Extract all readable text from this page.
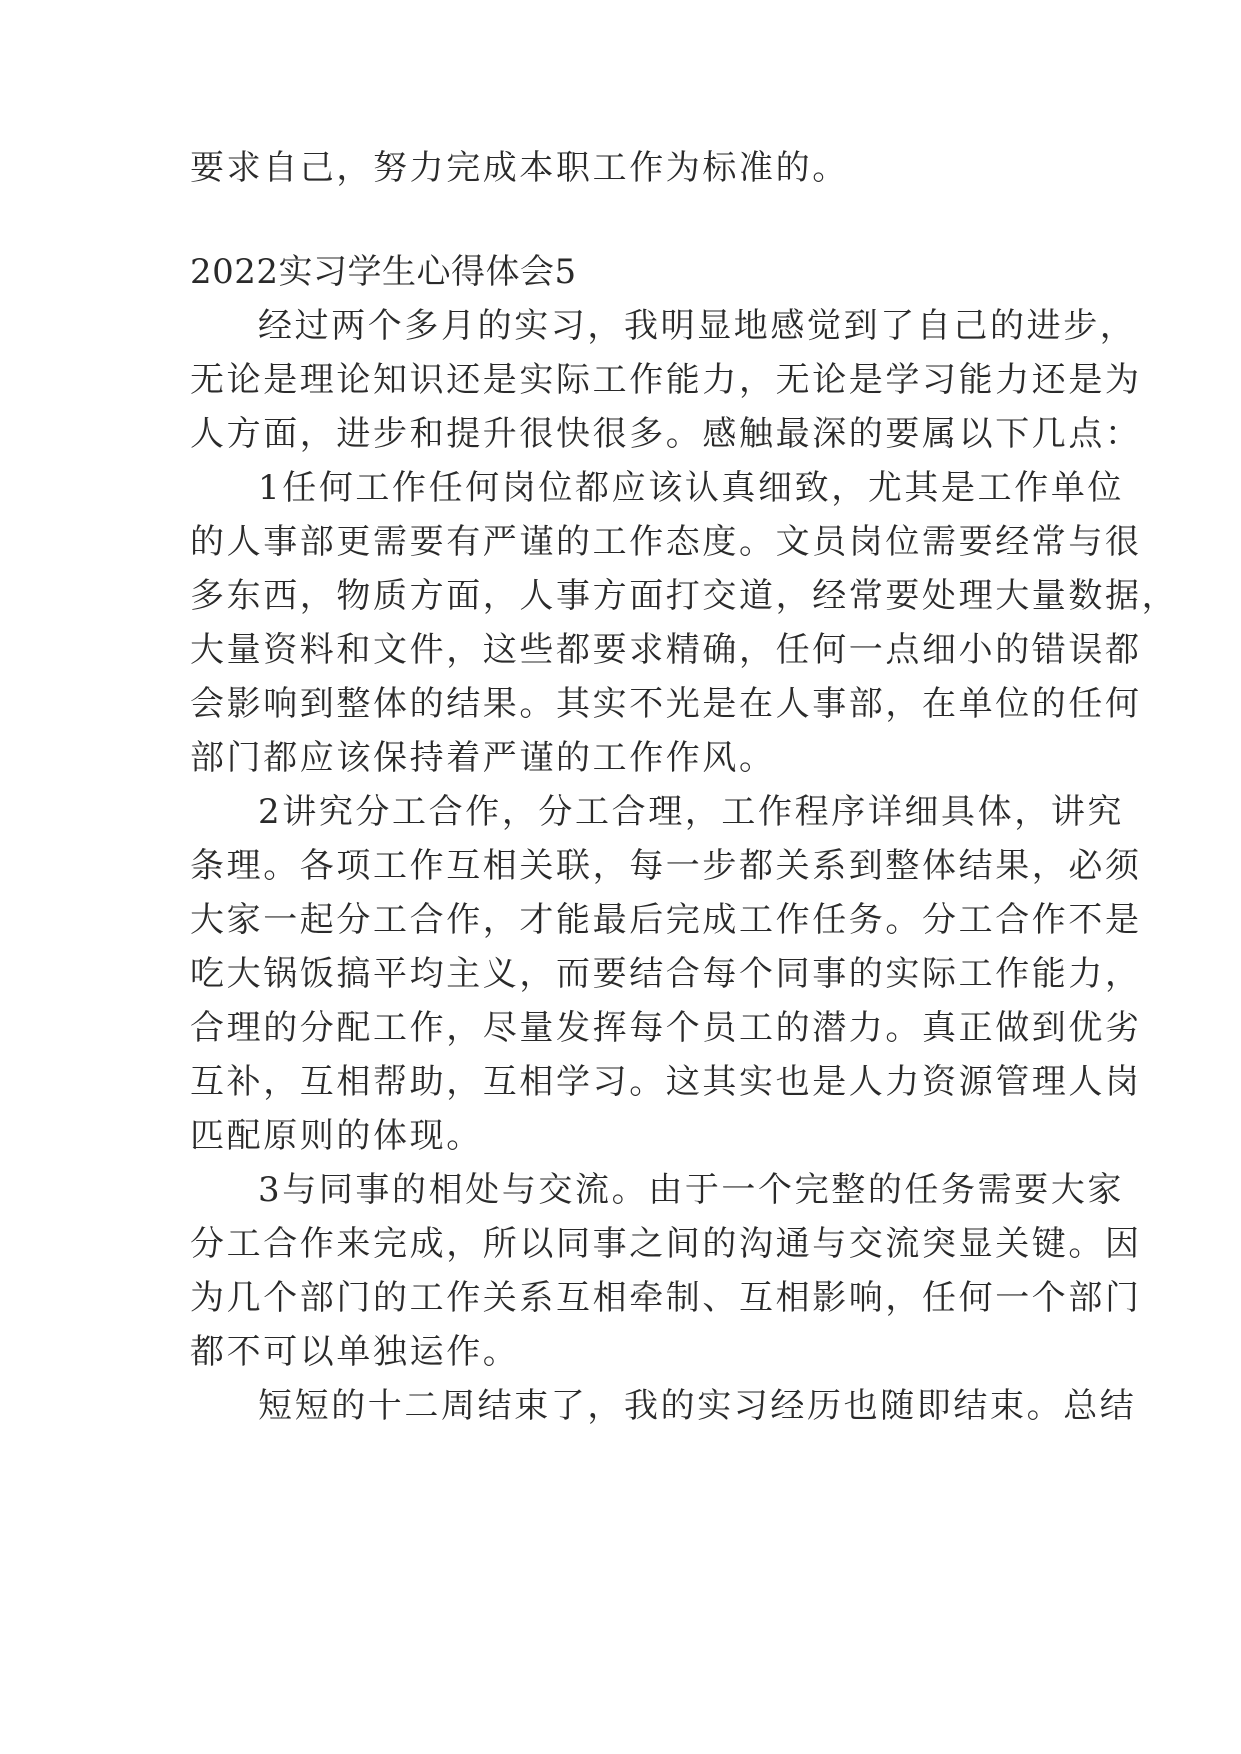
要求自己，努力完成本职工作为标准的。
2022实习学生心得体会5
经过两个多月的实习，我明显地感觉到了自己的进步，
无论是理论知识还是实际工作能力，无论是学习能力还是为
人方面，进步和提升很快很多。感触最深的要属以下几点：
1任何工作任何岗位都应该认真细致，尤其是工作单位
的人事部更需要有严谨的工作态度。文员岗位需要经常与很
多东西，物质方面，人事方面打交道，经常要处理大量数据，
大量资料和文件，这些都要求精确，任何一点细小的错误都
会影响到整体的结果。其实不光是在人事部，在单位的任何
部门都应该保持着严谨的工作作风。
2讲究分工合作，分工合理，工作程序详细具体，讲究
条理。各项工作互相关联，每一步都关系到整体结果，必须
大家一起分工合作，才能最后完成工作任务。分工合作不是
吃大锅饭搞平均主义，而要结合每个同事的实际工作能力，
合理的分配工作，尽量发挥每个员工的潜力。真正做到优劣
互补，互相帮助，互相学习。这其实也是人力资源管理人岗
匹配原则的体现。
3与同事的相处与交流。由于一个完整的任务需要大家
分工合作来完成，所以同事之间的沟通与交流突显关键。因
为几个部门的工作关系互相牵制、互相影响，任何一个部门
都不可以单独运作。
短短的十二周结束了，我的实习经历也随即结束。总结
